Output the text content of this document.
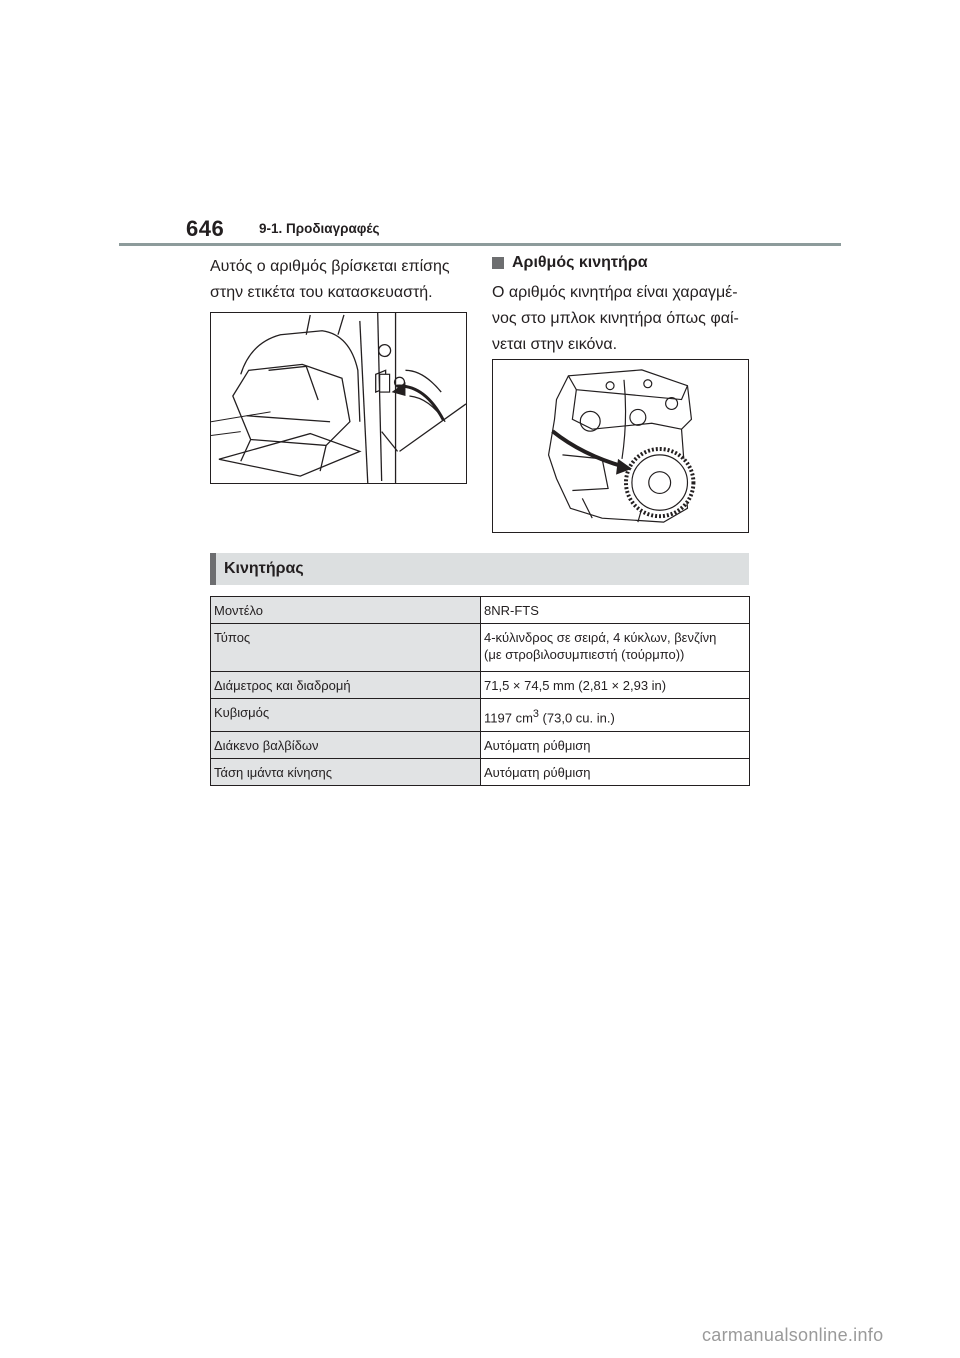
646	9-1. Προδιαγραφές
Αυτός ο αριθμός βρίσκεται επίσης στην ετικέτα του κατασκευαστή.
Αριθμός κινητήρα
Ο αριθμός κινητήρα είναι χαραγμέ-νος στο μπλοκ κινητήρα όπως φαί-νεται στην εικόνα.
Κινητήρας
Μοντέλο	8NR-FTS
Τύπος	4-κύλινδρος σε σειρά, 4 κύκλων, βενζίνη
(με στροβιλοσυμπιεστή (τούρμπο))

Διάμετρος και διαδρομή	71,5 × 74,5 mm (2,81 × 2,93 in)
Κυβισμός	1197 $cm^3$ (73,0 cu. in.)
Διάκενο βαλβίδων	Αυτόματη ρύθμιση
Τάση ιμάντα κίνησης	Αυτόματη ρύθμιση
carmanualsonline.info
